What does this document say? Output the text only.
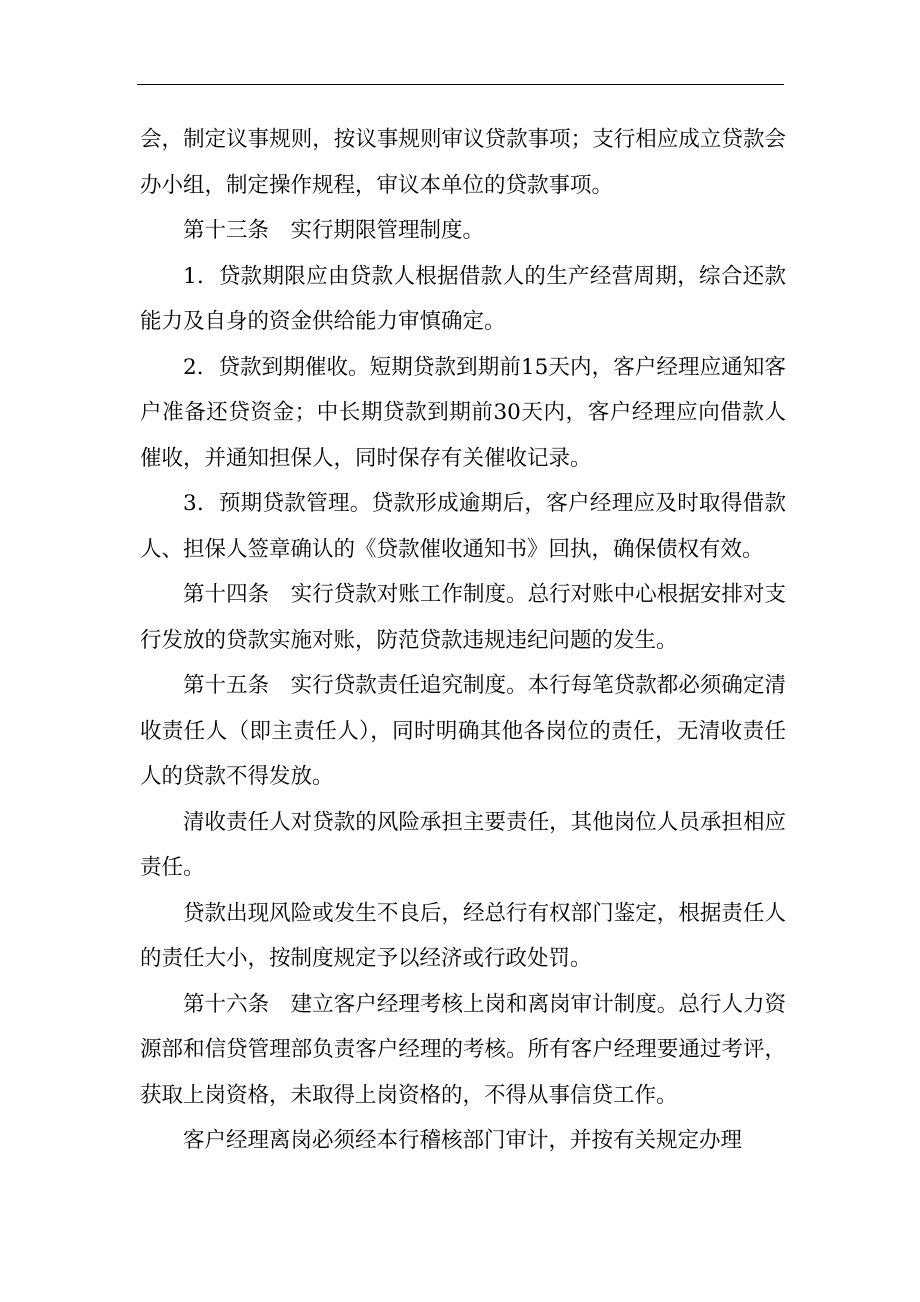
会，制定议事规则，按议事规则审议贷款事项；支行相应成立贷款会办小组，制定操作规程，审议本单位的贷款事项。

第十三条　实行期限管理制度。

1．贷款期限应由贷款人根据借款人的生产经营周期，综合还款能力及自身的资金供给能力审慎确定。

2．贷款到期催收。短期贷款到期前15天内，客户经理应通知客户准备还贷资金；中长期贷款到期前30天内，客户经理应向借款人催收，并通知担保人，同时保存有关催收记录。

3．预期贷款管理。贷款形成逾期后，客户经理应及时取得借款人、担保人签章确认的《贷款催收通知书》回执，确保债权有效。

第十四条　实行贷款对账工作制度。总行对账中心根据安排对支行发放的贷款实施对账，防范贷款违规违纪问题的发生。

第十五条　实行贷款责任追究制度。本行每笔贷款都必须确定清收责任人（即主责任人），同时明确其他各岗位的责任，无清收责任人的贷款不得发放。

清收责任人对贷款的风险承担主要责任，其他岗位人员承担相应责任。

贷款出现风险或发生不良后，经总行有权部门鉴定，根据责任人的责任大小，按制度规定予以经济或行政处罚。

第十六条　建立客户经理考核上岗和离岗审计制度。总行人力资源部和信贷管理部负责客户经理的考核。所有客户经理要通过考评，获取上岗资格，未取得上岗资格的，不得从事信贷工作。

客户经理离岗必须经本行稽核部门审计，并按有关规定办理
